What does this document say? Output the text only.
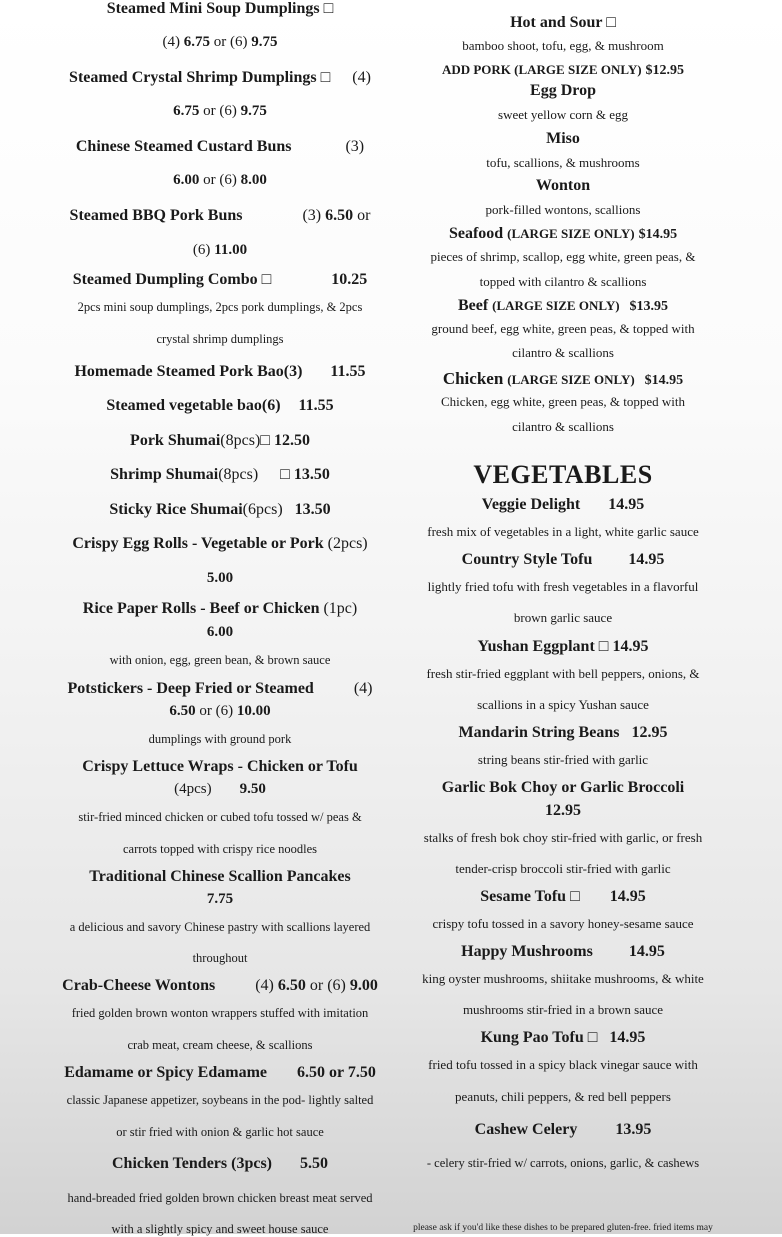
Steamed Mini Soup Dumplings □
(4) 6.75 or (6) 9.75
Steamed Crystal Shrimp Dumplings □ (4)
6.75 or (6) 9.75
Chinese Steamed Custard Buns	(3)
6.00 or (6) 8.00
Steamed BBQ Pork Buns	(3) 6.50 or
(6) 11.00
Steamed Dumpling Combo □	10.25
2pcs mini soup dumplings, 2pcs pork dumplings, & 2pcs
crystal shrimp dumplings
Homemade Steamed Pork Bao(3) 11.55
Steamed vegetable bao(6) 11.55
Pork Shumai(8pcs)□ 12.50
Shrimp Shumai(8pcs) □ 13.50
Sticky Rice Shumai(6pcs) 13.50
Crispy Egg Rolls - Vegetable or Pork (2pcs)
5.00
Rice Paper Rolls - Beef or Chicken (1pc)
6.00
with onion, egg, green bean, & brown sauce
Potstickers - Deep Fried or Steamed	(4)
6.50 or (6) 10.00
dumplings with ground pork
Crispy Lettuce Wraps - Chicken or Tofu
(4pcs) 9.50
stir-fried minced chicken or cubed tofu tossed w/ peas &
carrots topped with crispy rice noodles
Traditional Chinese Scallion Pancakes
7.75
a delicious and savory Chinese pastry with scallions layered
throughout
Crab-Cheese Wontons	(4) 6.50 or (6) 9.00
fried golden brown wonton wrappers stuffed with imitation
crab meat, cream cheese, & scallions
Edamame or Spicy Edamame 6.50 or 7.50
classic Japanese appetizer, soybeans in the pod- lightly salted
or stir fried with onion & garlic hot sauce
Chicken Tenders (3pcs) 5.50
hand-breaded fried golden brown chicken breast meat served
with a slightly spicy and sweet house sauce
Hot and Sour □
bamboo shoot, tofu, egg, & mushroom
ADD PORK (LARGE SIZE ONLY) $12.95
Egg Drop
sweet yellow corn & egg
Miso
tofu, scallions, & mushrooms
Wonton
pork-filled wontons, scallions
Seafood (LARGE SIZE ONLY) $14.95
pieces of shrimp, scallop, egg white, green peas, &
topped with cilantro & scallions
Beef (LARGE SIZE ONLY) $13.95
ground beef, egg white, green peas, & topped with
cilantro & scallions
Chicken (LARGE SIZE ONLY) $14.95
Chicken, egg white, green peas, & topped with
cilantro & scallions
VEGETABLES
Veggie Delight 14.95
fresh mix of vegetables in a light, white garlic sauce
Country Style Tofu 14.95
lightly fried tofu with fresh vegetables in a flavorful
brown garlic sauce
Yushan Eggplant □ 14.95
fresh stir-fried eggplant with bell peppers, onions, &
scallions in a spicy Yushan sauce
Mandarin String Beans 12.95
string beans stir-fried with garlic
Garlic Bok Choy or Garlic Broccoli
12.95
stalks of fresh bok choy stir-fried with garlic, or fresh
tender-crisp broccoli stir-fried with garlic
Sesame Tofu □ 14.95
crispy tofu tossed in a savory honey-sesame sauce
Happy Mushrooms 14.95
king oyster mushrooms, shiitake mushrooms, & white
mushrooms stir-fried in a brown sauce
Kung Pao Tofu □ 14.95
fried tofu tossed in a spicy black vinegar sauce with
peanuts, chili peppers, & red bell peppers
Cashew Celery 13.95
- celery stir-fried w/ carrots, onions, garlic, & cashews
please ask if you'd like these dishes to be prepared gluten-free. fried items may
